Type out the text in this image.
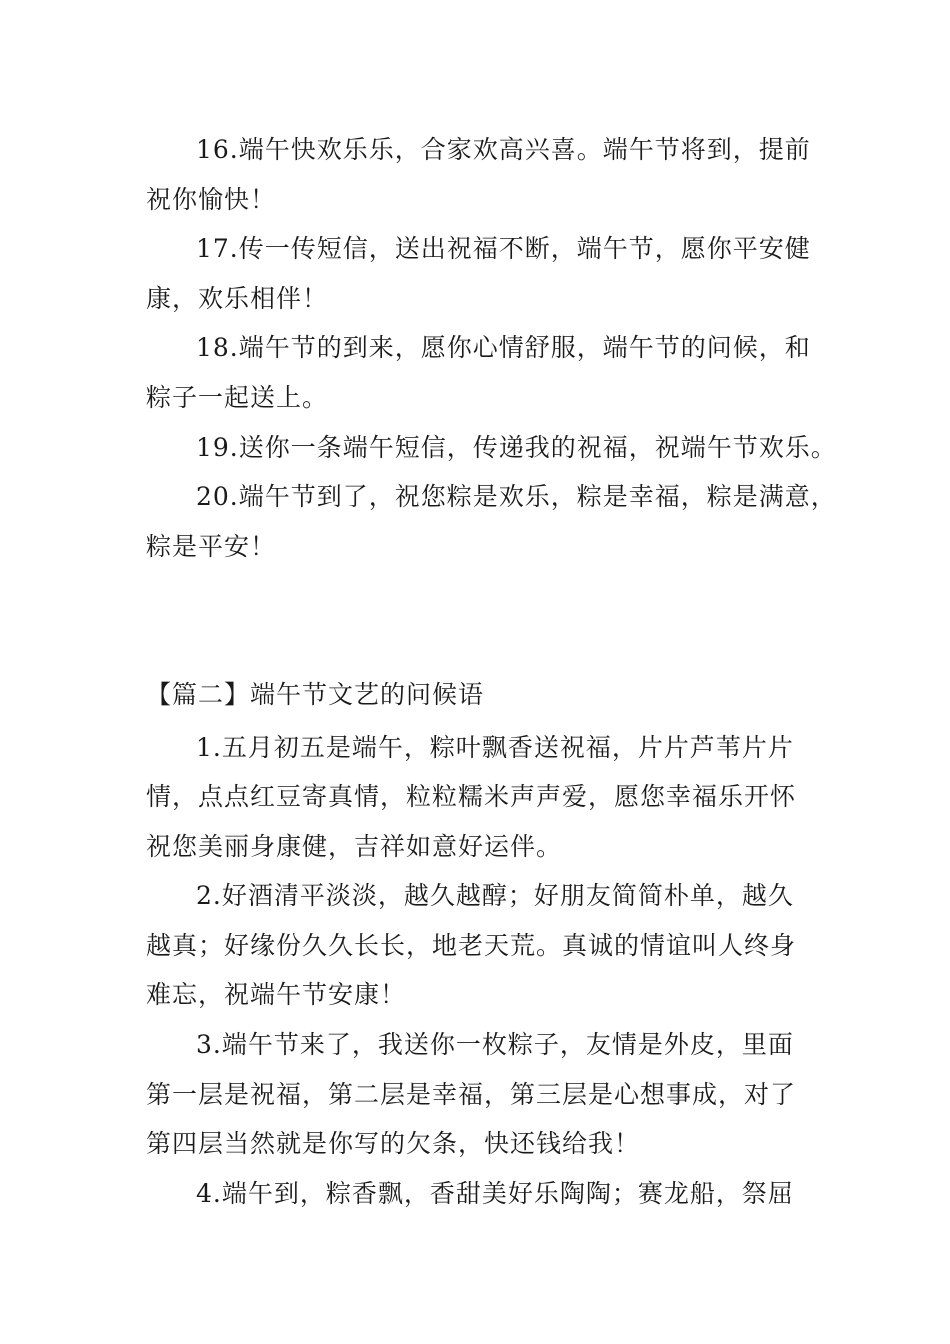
16.端午快欢乐乐，合家欢高兴喜。端午节将到，提前
祝你愉快！
17.传一传短信，送出祝福不断，端午节，愿你平安健
康，欢乐相伴！
18.端午节的到来，愿你心情舒服，端午节的问候，和
粽子一起送上。
19.送你一条端午短信，传递我的祝福，祝端午节欢乐。
20.端午节到了，祝您粽是欢乐，粽是幸福，粽是满意，
粽是平安！
【篇二】端午节文艺的问候语
1.五月初五是端午，粽叶飘香送祝福，片片芦苇片片
情，点点红豆寄真情，粒粒糯米声声爱，愿您幸福乐开怀
祝您美丽身康健，吉祥如意好运伴。
2.好酒清平淡淡，越久越醇；好朋友简简朴单，越久
越真；好缘份久久长长，地老天荒。真诚的情谊叫人终身
难忘，祝端午节安康！
3.端午节来了，我送你一枚粽子，友情是外皮，里面
第一层是祝福，第二层是幸福，第三层是心想事成，对了
第四层当然就是你写的欠条，快还钱给我！
4.端午到，粽香飘，香甜美好乐陶陶；赛龙船，祭屈
